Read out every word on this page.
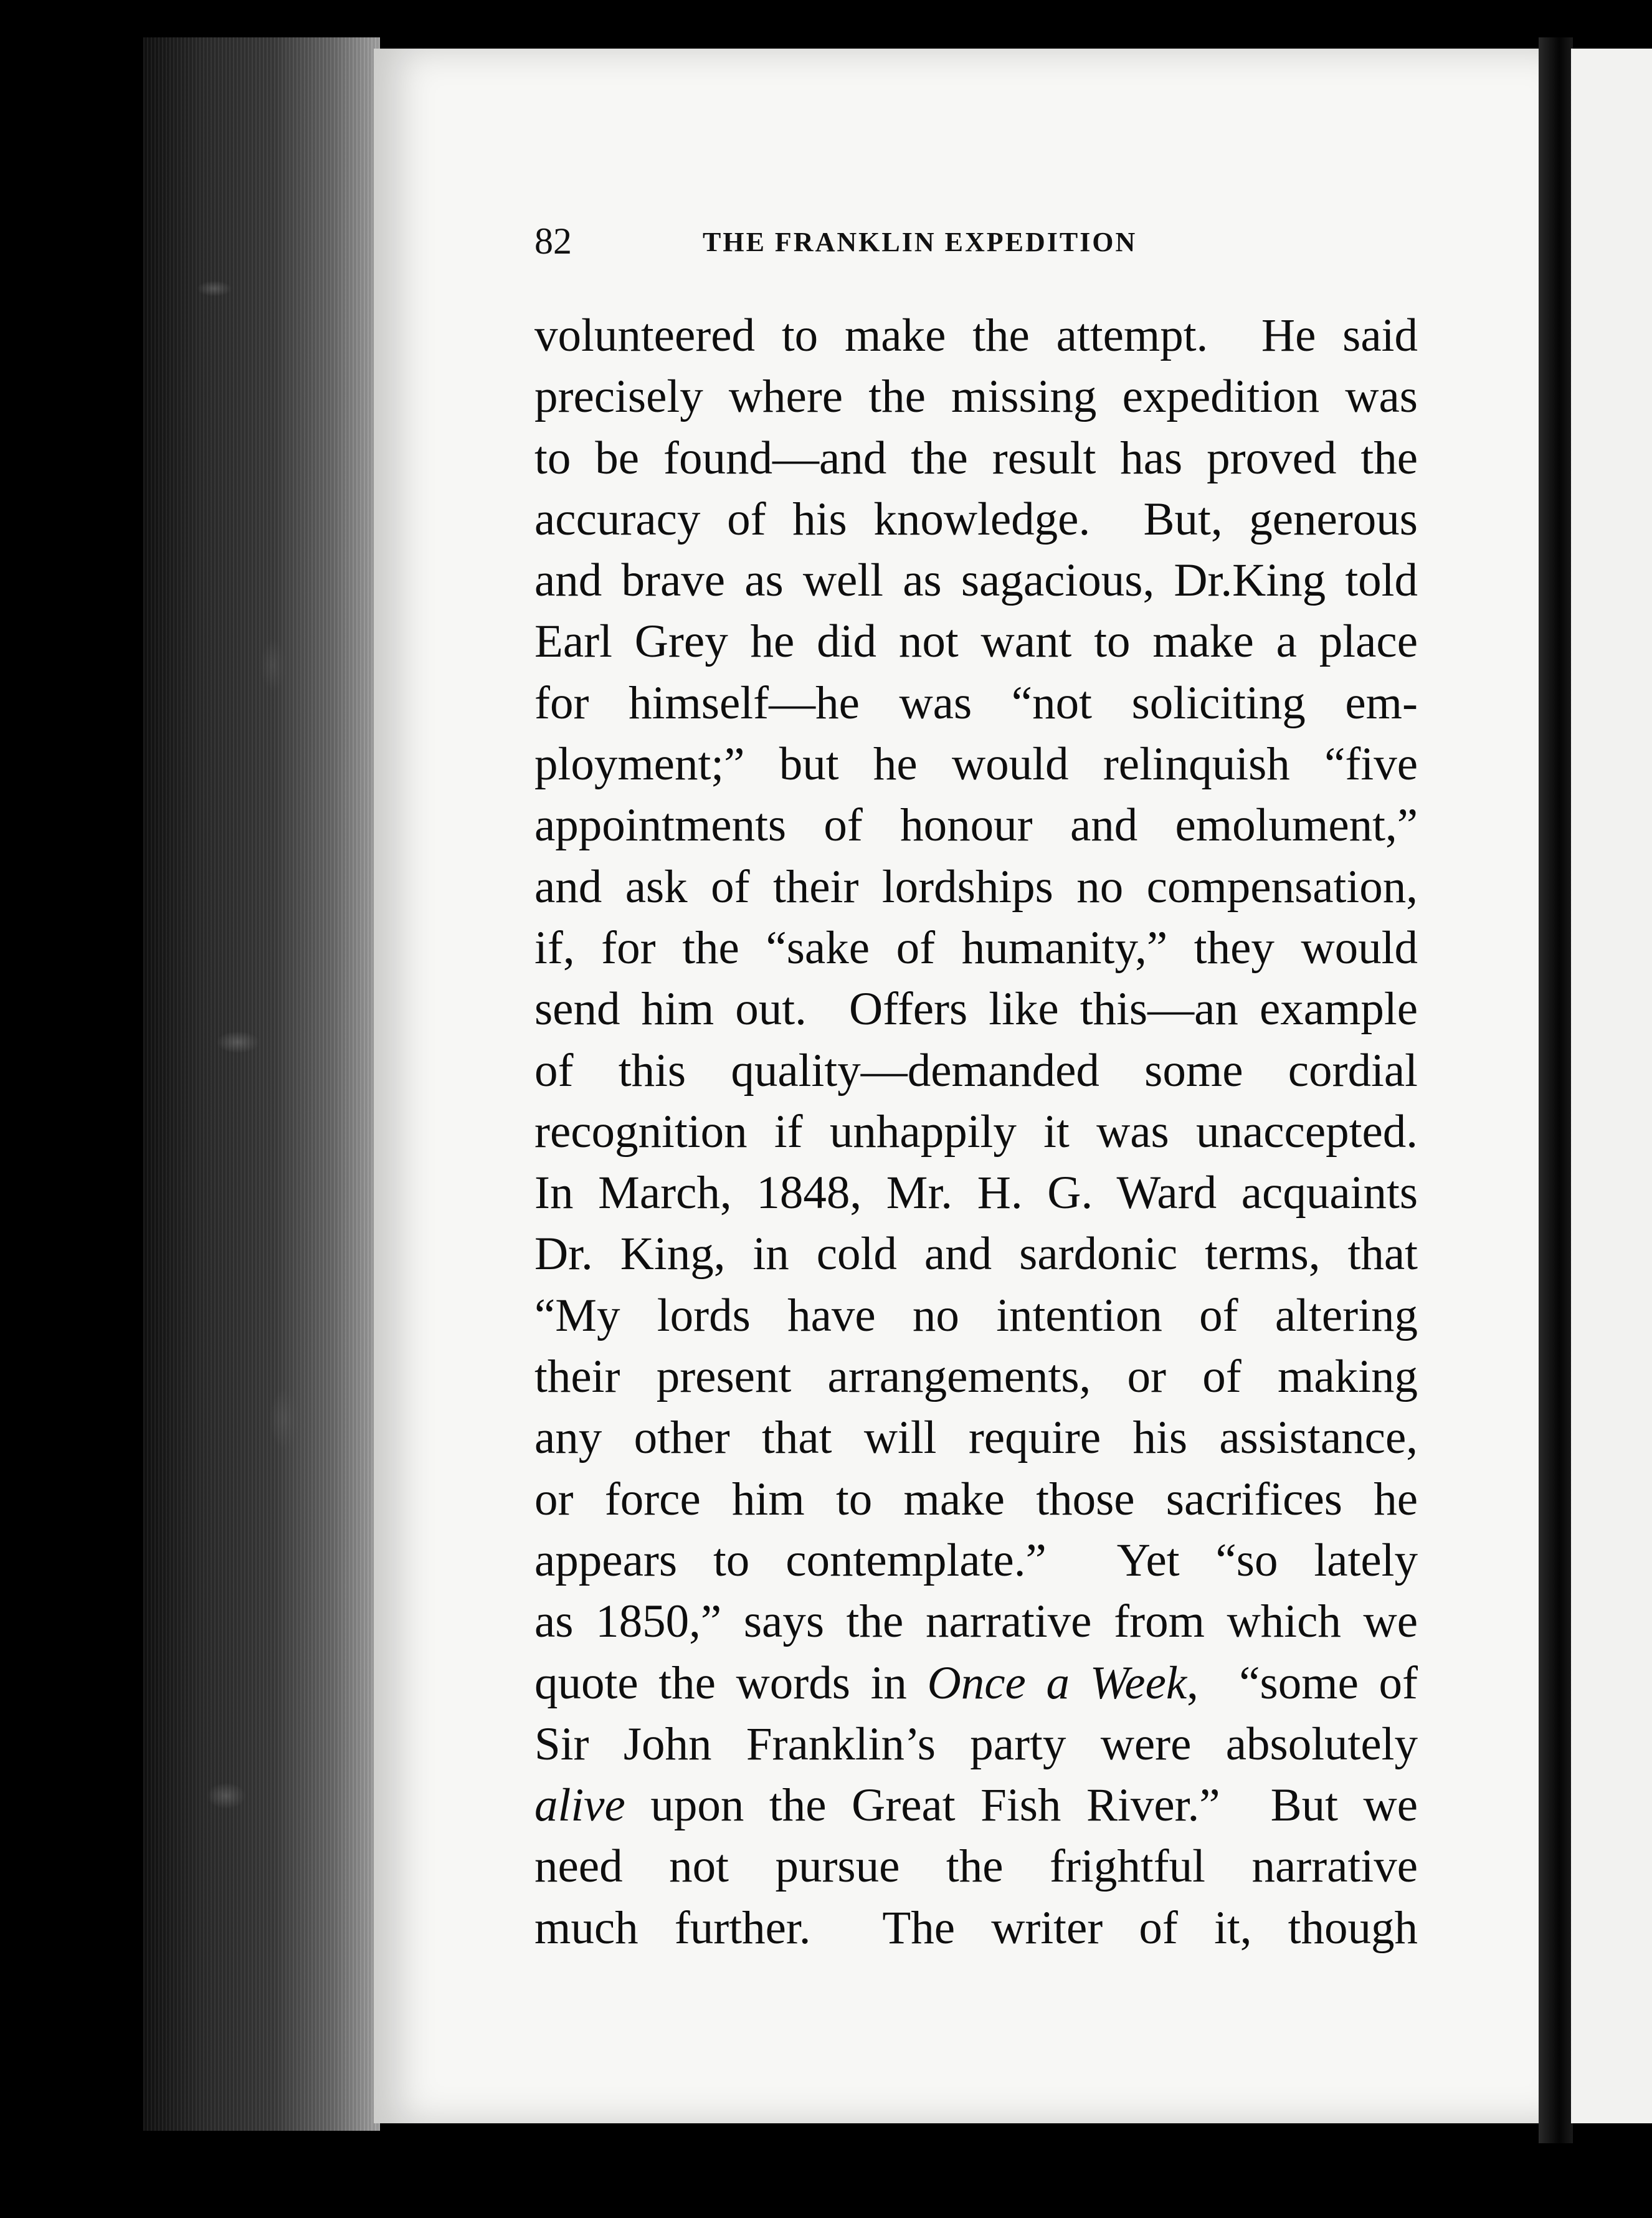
82	THE FRANKLIN EXPEDITION
volunteered to make the attempt.  He said
precisely where the missing expedition was
to be found—and the result has proved the
accuracy of his knowledge.  But, generous
and brave as well as sagacious, Dr.King told
Earl Grey he did not want to make a place
for himself—he was “not soliciting em-
ployment;” but he would relinquish “five
appointments of honour and emolument,”
and ask of their lordships no compensation,
if, for the “sake of humanity,” they would
send him out.  Offers like this—an example
of this quality—demanded some cordial
recognition if unhappily it was unaccepted.
In March, 1848, Mr. H. G. Ward acquaints
Dr. King, in cold and sardonic terms, that
“My lords have no intention of altering
their present arrangements, or of making
any other that will require his assistance,
or force him to make those sacrifices he
appears to contemplate.”  Yet “so lately
as 1850,” says the narrative from which we
quote the words in Once a Week,  “some of
Sir John Franklin’s party were absolutely
alive upon the Great Fish River.”  But we
need not pursue the frightful narrative
much further.  The writer of it, though
